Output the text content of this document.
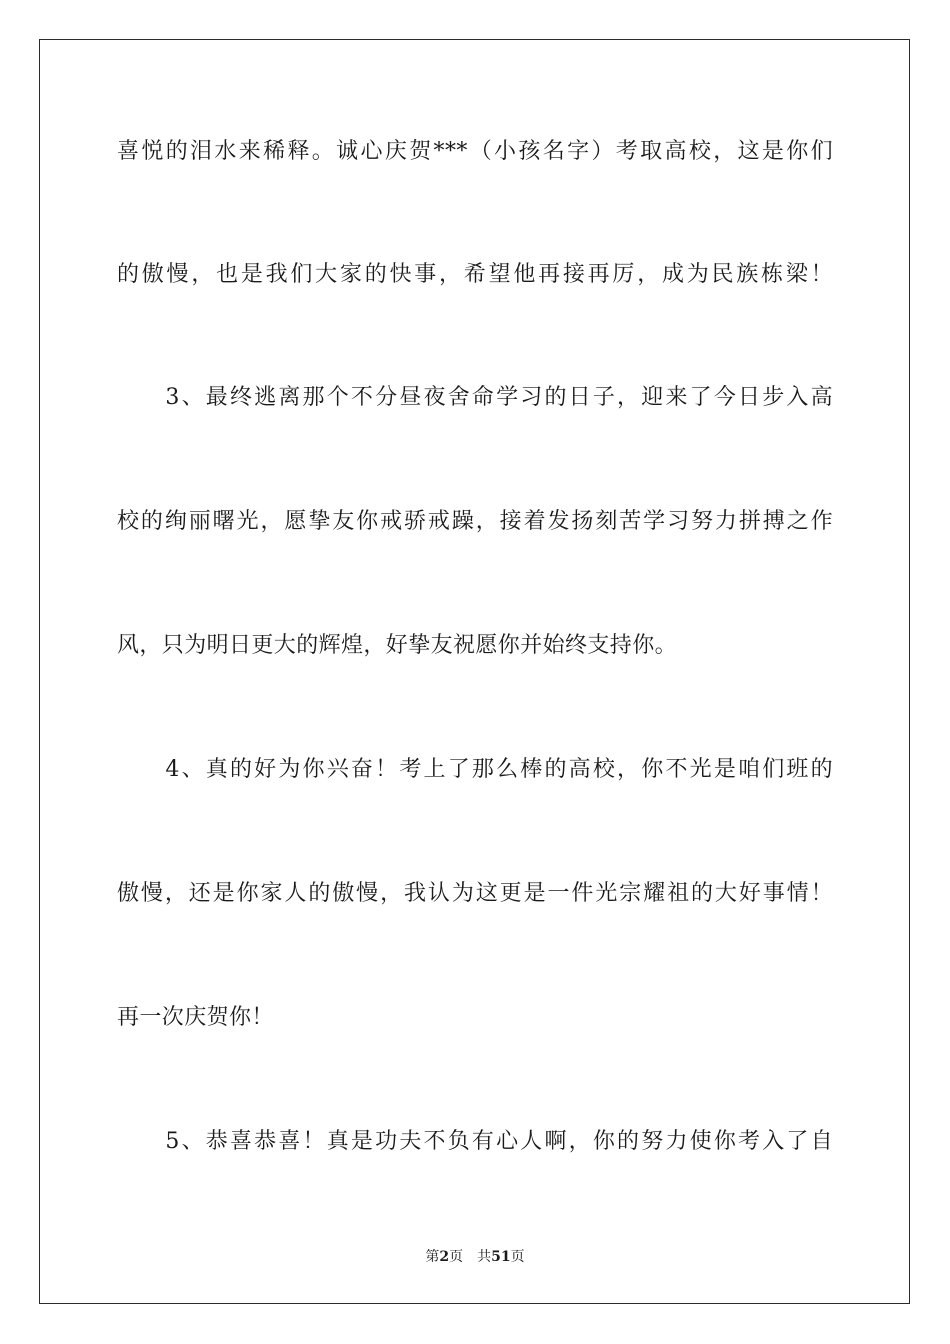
喜悦的泪水来稀释。诚心庆贺***（小孩名字）考取高校，这是你们
的傲慢，也是我们大家的快事，希望他再接再厉，成为民族栋梁！
　　3、最终逃离那个不分昼夜舍命学习的日子，迎来了今日步入高
校的绚丽曙光，愿挚友你戒骄戒躁，接着发扬刻苦学习努力拼搏之作
风，只为明日更大的辉煌，好挚友祝愿你并始终支持你。
　　4、真的好为你兴奋！考上了那么棒的高校，你不光是咱们班的
傲慢，还是你家人的傲慢，我认为这更是一件光宗耀祖的大好事情！
再一次庆贺你！
　　5、恭喜恭喜！真是功夫不负有心人啊，你的努力使你考入了自
第2页 共51页
